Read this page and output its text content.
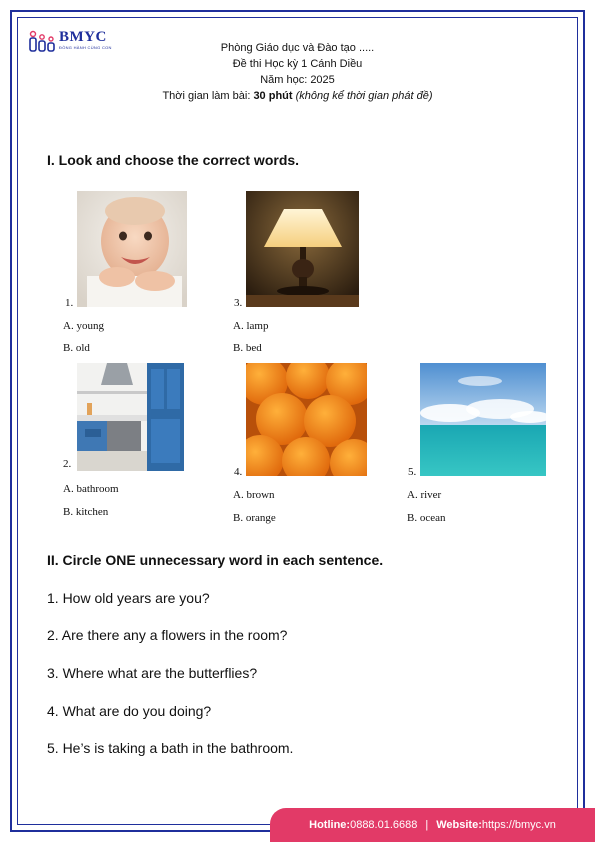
BMYC
ĐỒNG HÀNH CÙNG CON	Phòng Giáo dục và Đào tạo .....
Đề thi Học kỳ 1 Cánh Diều
Năm học: 2025
Thời gian làm bài: 30 phút (không kể thời gian phát đề)
I. Look and choose the correct words.
1.
A. young
B. old
3.
A. lamp
B. bed
2.
A. bathroom
B. kitchen
4.
A. brown
B. orange
5.
A. river
B. ocean
II. Circle ONE unnecessary word in each sentence.
1. How old years are you?
2. Are there any a flowers in the room?
3. Where what are the butterflies?
4. What are do you doing?
5. He’s is taking a bath in the bathroom.
Hotline: 0888.01.6688 | Website: https://bmyc.vn
